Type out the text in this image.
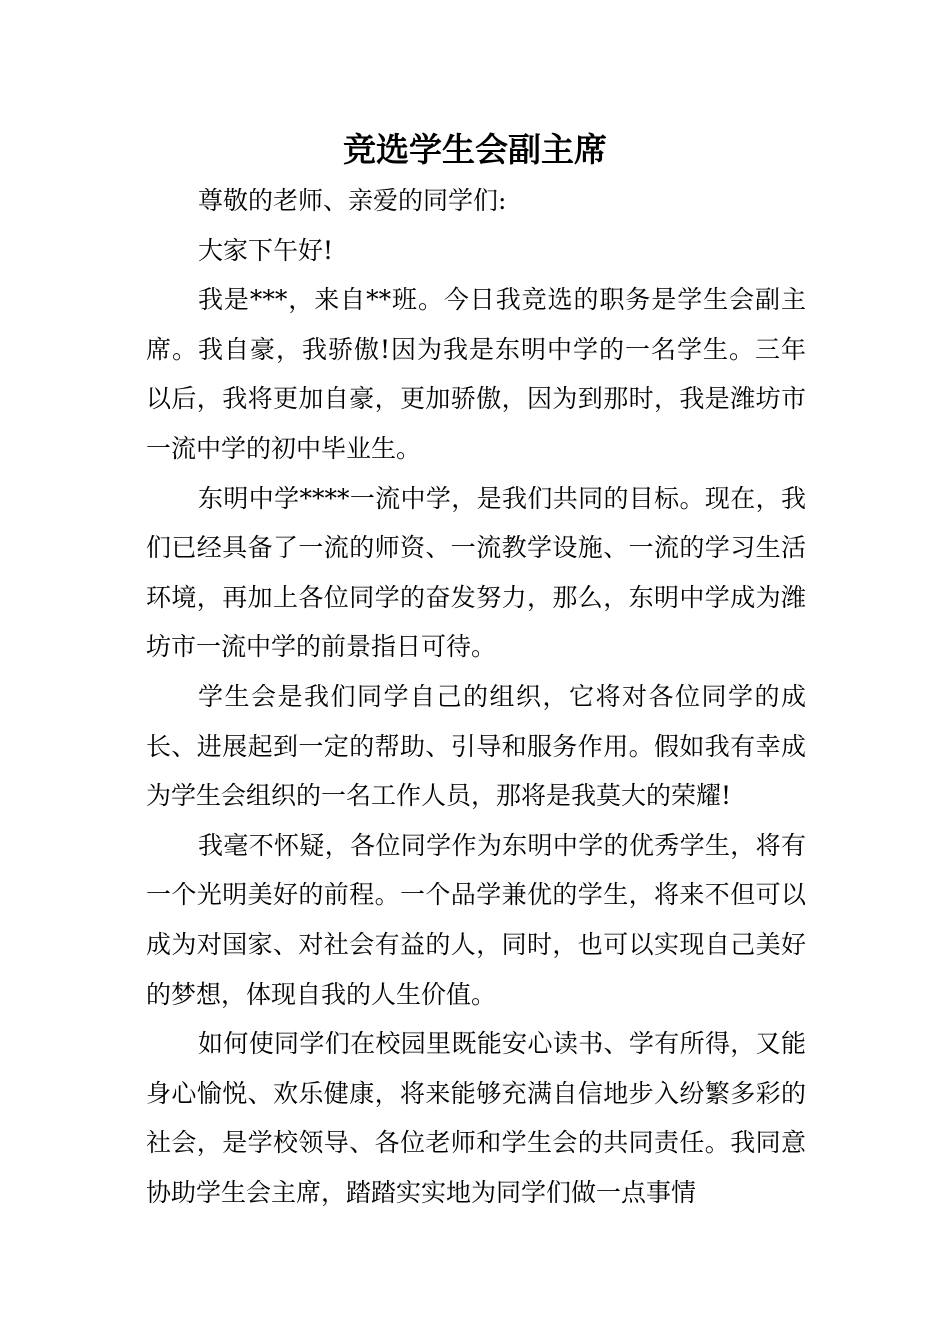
竞选学生会副主席

尊敬的老师、亲爱的同学们:

大家下午好!

我是***，来自**班。今日我竞选的职务是学生会副主席。我自豪，我骄傲!因为我是东明中学的一名学生。三年以后，我将更加自豪，更加骄傲，因为到那时，我是潍坊市一流中学的初中毕业生。

东明中学****一流中学，是我们共同的目标。现在，我们已经具备了一流的师资、一流教学设施、一流的学习生活环境，再加上各位同学的奋发努力，那么，东明中学成为潍坊市一流中学的前景指日可待。

学生会是我们同学自己的组织，它将对各位同学的成长、进展起到一定的帮助、引导和服务作用。假如我有幸成为学生会组织的一名工作人员，那将是我莫大的荣耀!

我毫不怀疑，各位同学作为东明中学的优秀学生，将有一个光明美好的前程。一个品学兼优的学生，将来不但可以成为对国家、对社会有益的人，同时，也可以实现自己美好的梦想，体现自我的人生价值。

如何使同学们在校园里既能安心读书、学有所得，又能身心愉悦、欢乐健康，将来能够充满自信地步入纷繁多彩的社会，是学校领导、各位老师和学生会的共同责任。我同意协助学生会主席，踏踏实实地为同学们做一点事情
